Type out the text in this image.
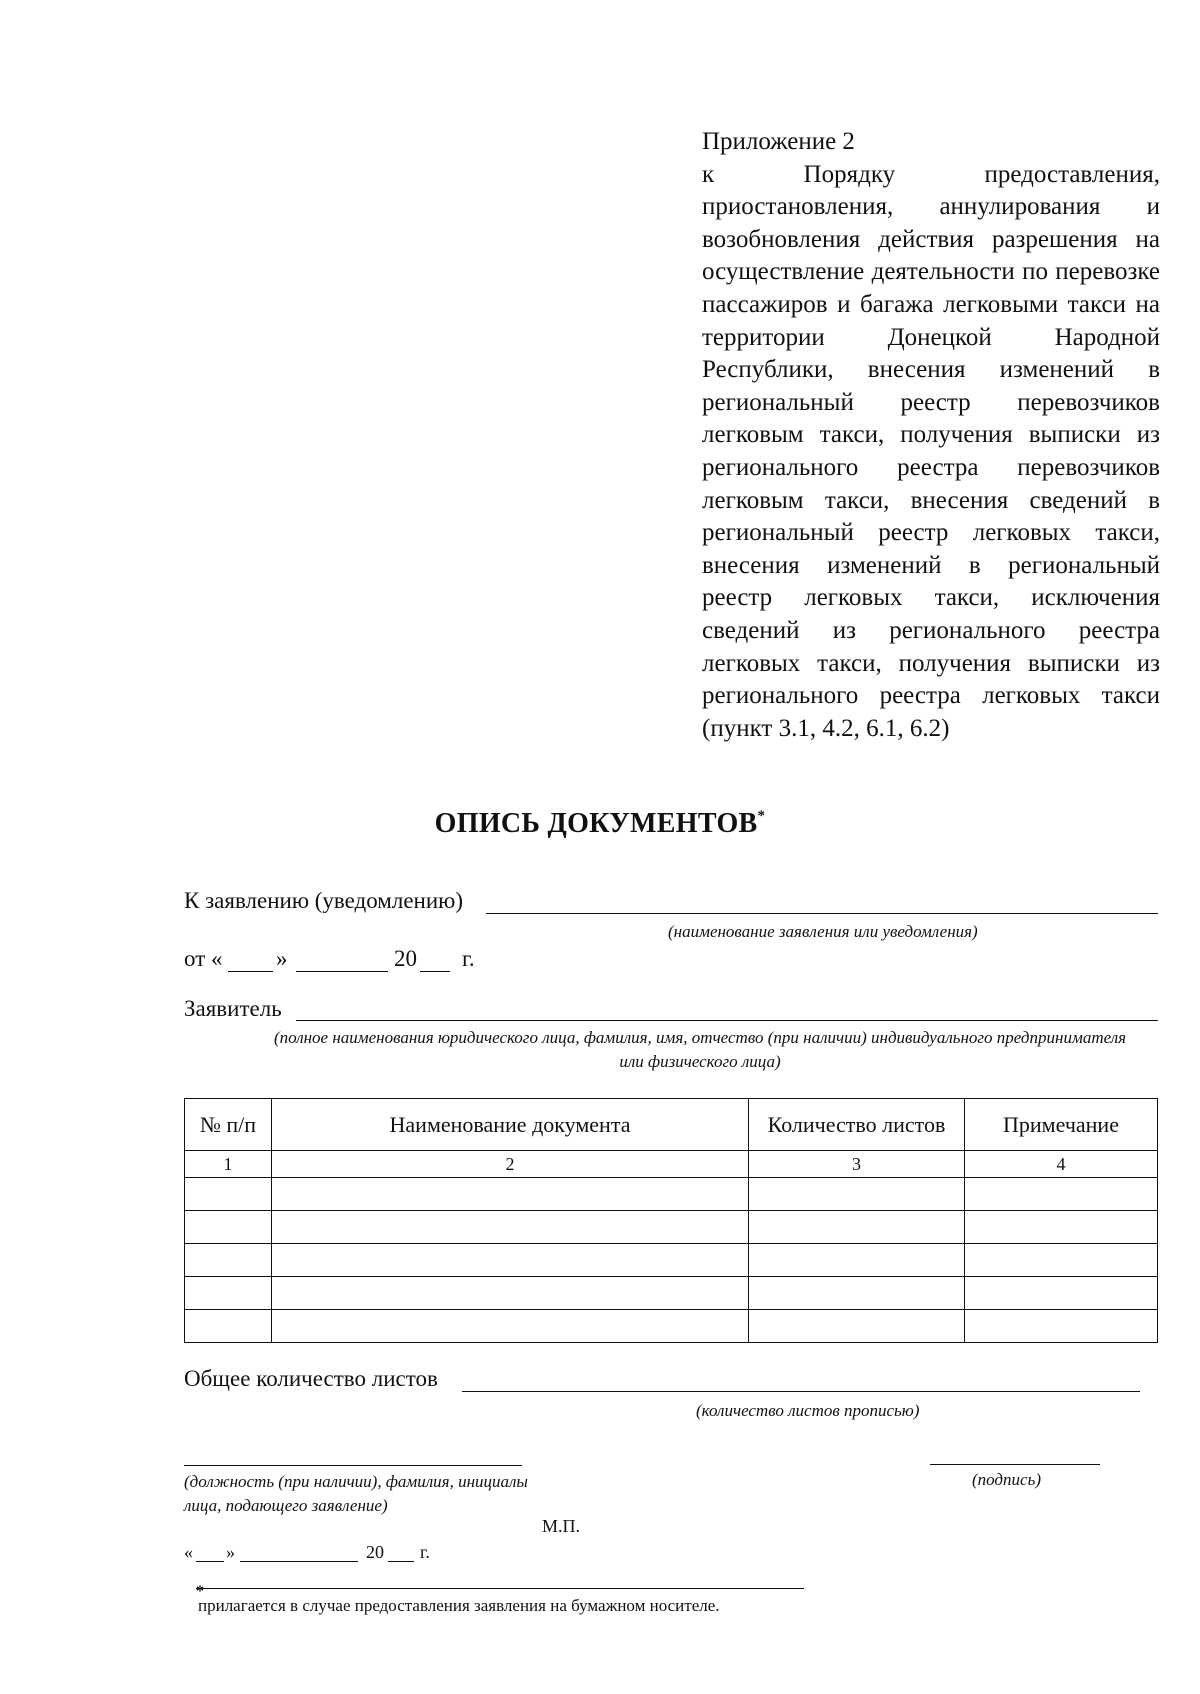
Приложение 2
к Порядку предоставления, приостановления, аннулирования и возобновления действия разрешения на осуществление деятельности по перевозке пассажиров и багажа легковыми такси на территории Донецкой Народной Республики, внесения изменений в региональный реестр перевозчиков легковым такси, получения выписки из регионального реестра перевозчиков легковым такси, внесения сведений в региональный реестр легковых такси, внесения изменений в региональный реестр легковых такси, исключения сведений из регионального реестра легковых такси, получения выписки из регионального реестра легковых такси (пункт 3.1, 4.2, 6.1, 6.2)
ОПИСЬ ДОКУМЕНТОВ*
К заявлению (уведомлению)
(наименование заявления или уведомления)
от « »	20 г.
Заявитель
(полное наименования юридического лица, фамилия, имя, отчество (при наличии) индивидуального предпринимателя или физического лица)
№ п/п	Наименование документа	Количество листов	Примечание
1	2	3	4

Общее количество листов
(количество листов прописью)
(должность (при наличии), фамилия, инициалы лица, подающего заявление)
(подпись)
М.П.
« »	20 г.
*
прилагается в случае предоставления заявления на бумажном носителе.
